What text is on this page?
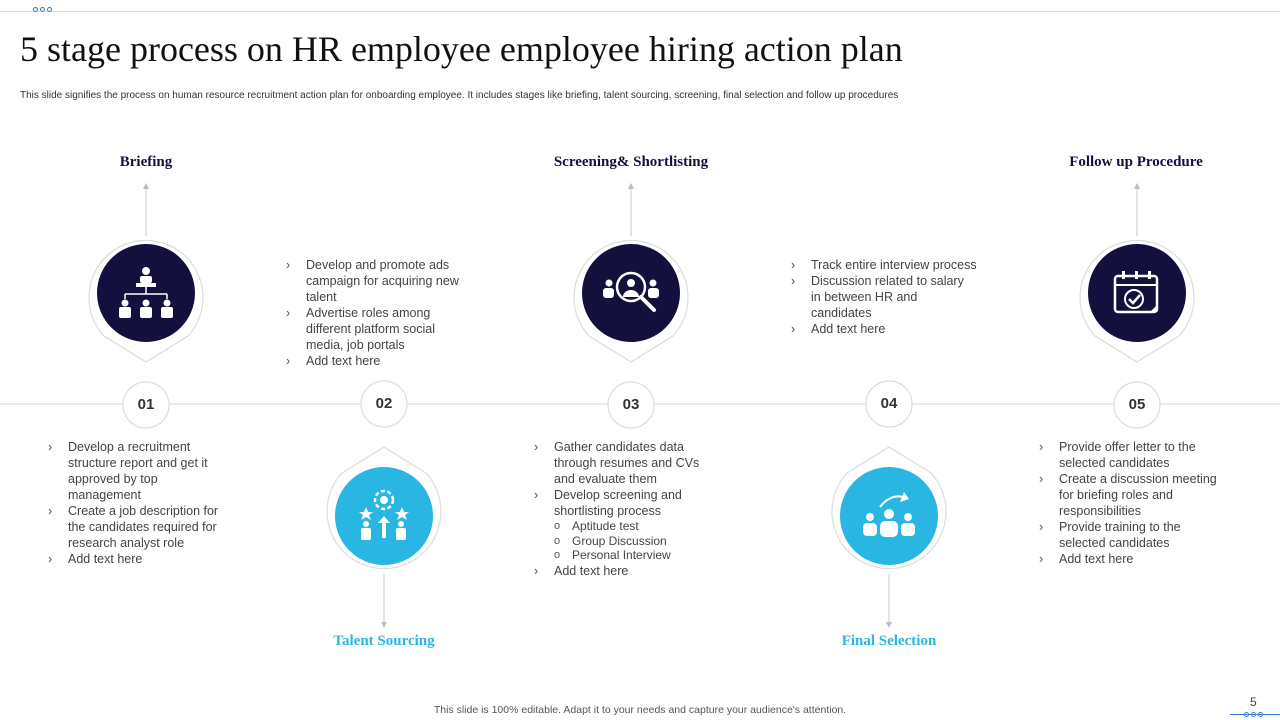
5 stage process on HR employee employee hiring action plan
This slide signifies the process on human resource recruitment action plan for onboarding employee. It includes stages like briefing, talent sourcing, screening, final selection and follow up procedures
01	02	03	04	05
Briefing
Talent Sourcing
Screening& Shortlisting
Final Selection
Follow up Procedure
› Develop a recruitment structure report and get it approved by top management
› Create a job description for the candidates required for research analyst role
› Add text here
› Develop and promote ads campaign for acquiring new talent
› Advertise roles among different platform social media, job portals
› Add text here
› Gather candidates data through resumes and CVs and evaluate them
› Develop screening and shortlisting process
o Aptitude test
o Group Discussion
o Personal Interview
› Add text here
› Track entire interview process
› Discussion related to salary in between HR and candidates
› Add text here
› Provide offer letter to the selected candidates
› Create a discussion meeting for briefing roles and responsibilities
› Provide training to the selected candidates
› Add text here
This slide is 100% editable. Adapt it to your needs and capture your audience's attention.
5
